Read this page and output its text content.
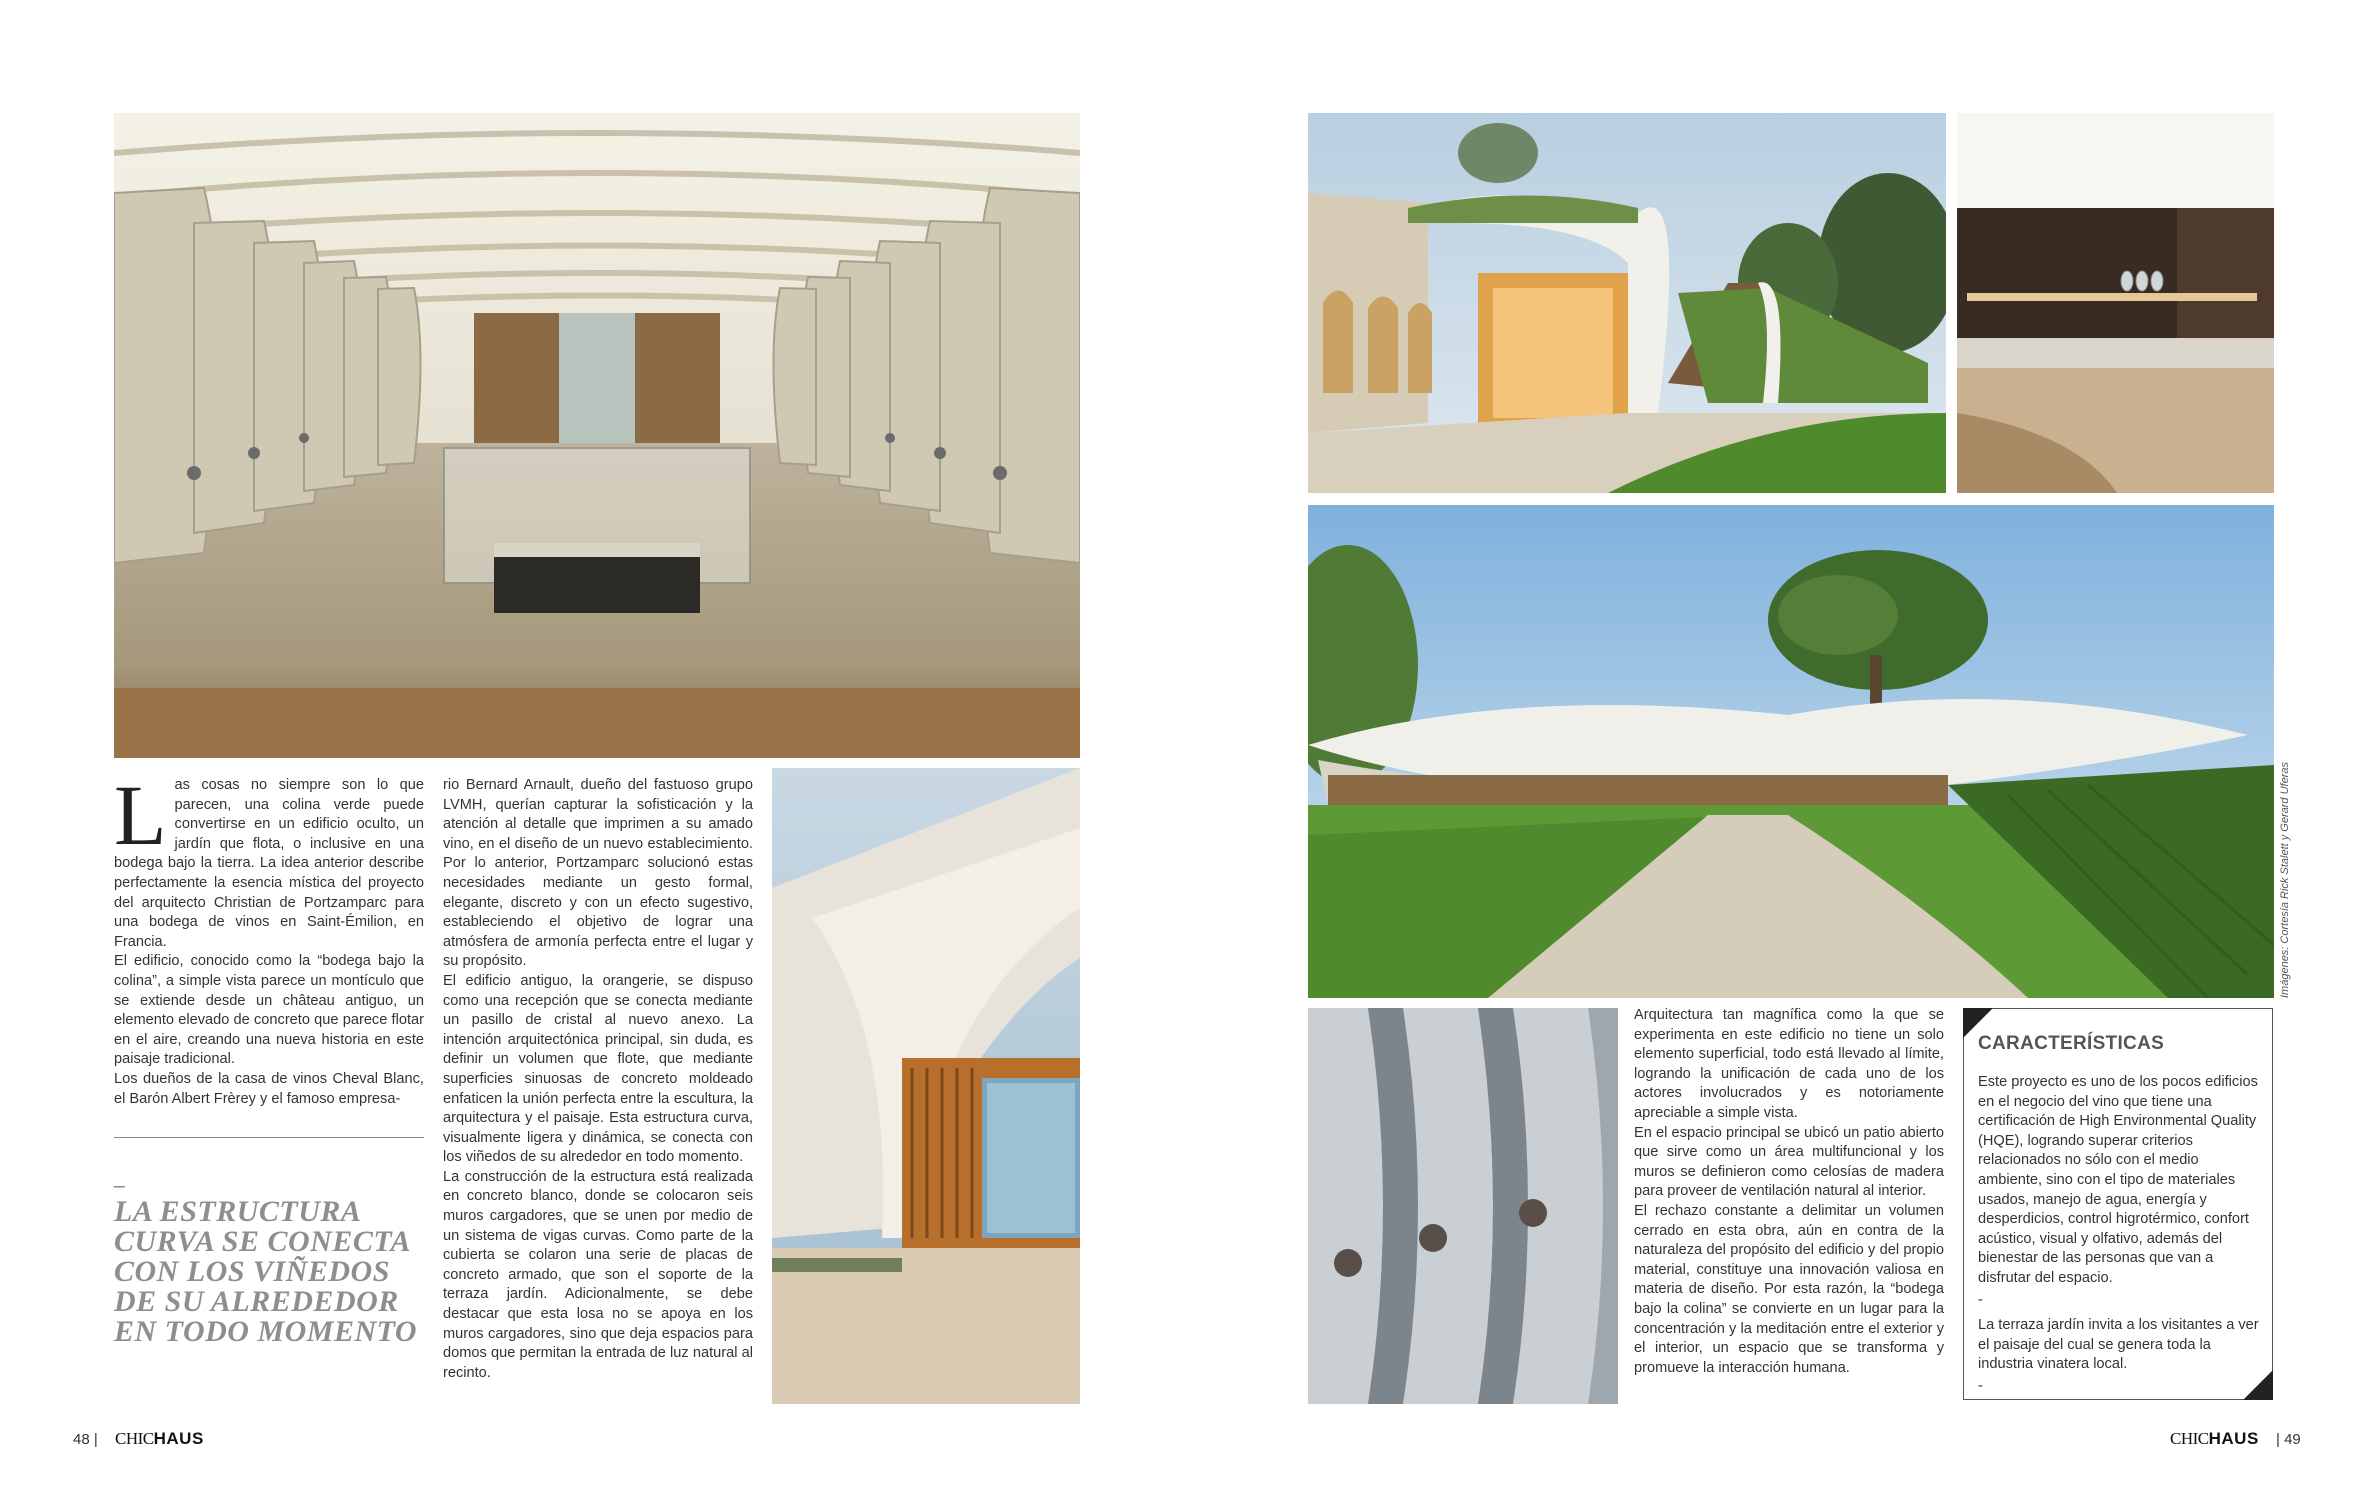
L as cosas no siempre son lo que parecen, una colina verde puede convertirse en un edificio oculto, un jardín que flota, o inclusive en una bodega bajo la tierra. La idea anterior describe perfectamente la esencia mística del proyecto del arquitecto Christian de Portzamparc para una bodega de vinos en Saint-Émilion, en Francia.

El edificio, conocido como la “bodega bajo la colina”, a simple vista parece un montículo que se extiende desde un château antiguo, un elemento elevado de concreto que parece flotar en el aire, creando una nueva historia en este paisaje tradicional.

Los dueños de la casa de vinos Cheval Blanc, el Barón Albert Frèrey y el famoso empresa-

–
LA ESTRUCTURA CURVA SE CONECTA CON LOS VIÑEDOS DE SU ALREDEDOR EN TODO MOMENTO

rio Bernard Arnault, dueño del fastuoso grupo LVMH, querían capturar la sofisticación y la atención al detalle que imprimen a su amado vino, en el diseño de un nuevo establecimiento. Por lo anterior, Portzamparc solucionó estas necesidades mediante un gesto formal, elegante, discreto y con un efecto sugestivo, estableciendo el objetivo de lograr una atmósfera de armonía perfecta entre el lugar y su propósito.

El edificio antiguo, la orangerie, se dispuso como una recepción que se conecta mediante un pasillo de cristal al nuevo anexo. La intención arquitectónica principal, sin duda, es definir un volumen que flote, que mediante superficies sinuosas de concreto moldeado enfaticen la unión perfecta entre la escultura, la arquitectura y el paisaje. Esta estructura curva, visualmente ligera y dinámica, se conecta con los viñedos de su alrededor en todo momento.

La construcción de la estructura está realizada en concreto blanco, donde se colocaron seis muros cargadores, que se unen por medio de un sistema de vigas curvas. Como parte de la cubierta se colaron una serie de placas de concreto armado, que son el soporte de la terraza jardín. Adicionalmente, se debe destacar que esta losa no se apoya en los muros cargadores, sino que deja espacios para domos que permitan la entrada de luz natural al recinto.

48 | CHICHAUS
Imágenes: Cortesía Rick Stalett y Gerard Uferas

Arquitectura tan magnífica como la que se experimenta en este edificio no tiene un solo elemento superficial, todo está llevado al límite, logrando la unificación de cada uno de los actores involucrados y es notoriamente apreciable a simple vista.

En el espacio principal se ubicó un patio abierto que sirve como un área multifuncional y los muros se definieron como celosías de madera para proveer de ventilación natural al interior.

El rechazo constante a delimitar un volumen cerrado en esta obra, aún en contra de la naturaleza del propósito del edificio y del propio material, constituye una innovación valiosa en materia de diseño. Por esta razón, la “bodega bajo la colina” se convierte en un lugar para la concentración y la meditación entre el exterior y el interior, un espacio que se transforma y promueve la interacción humana.

CARACTERÍSTICAS

Este proyecto es uno de los pocos edificios en el negocio del vino que tiene una certificación de High Environmental Quality (HQE), logrando superar criterios relacionados no sólo con el medio ambiente, sino con el tipo de materiales usados, manejo de agua, energía y desperdicios, control higrotérmico, confort acústico, visual y olfativo, además del bienestar de las personas que van a disfrutar del espacio.

-

La terraza jardín invita a los visitantes a ver el paisaje del cual se genera toda la industria vinatera local.

-

CHICHAUS | 49
